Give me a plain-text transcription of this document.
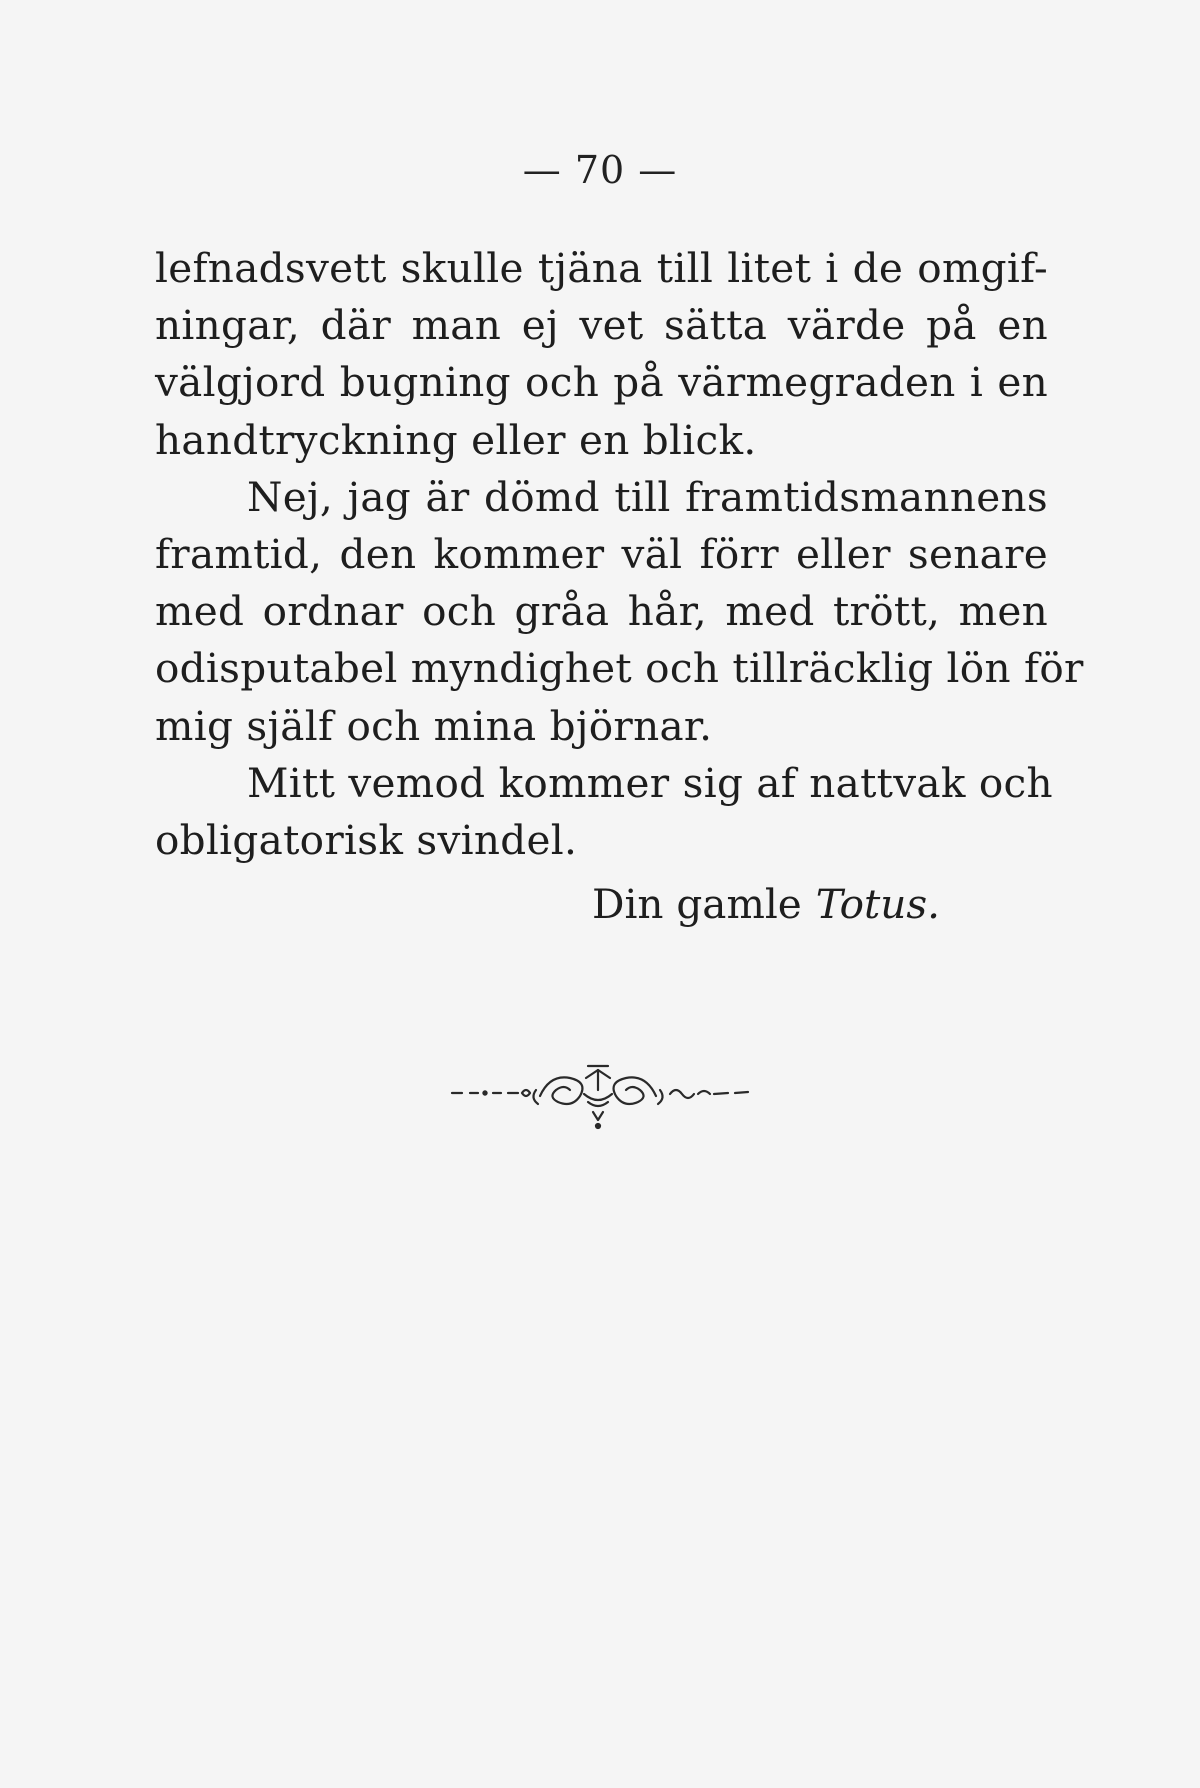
— 70 —
lefnadsvett skulle tjäna till litet i de omgif-
ningar, där man ej vet sätta värde på en
välgjord bugning och på värmegraden i en
handtryckning eller en blick.
Nej, jag är dömd till framtidsmannens
framtid, den kommer väl förr eller senare
med ordnar och gråa hår, med trött, men
odisputabel myndighet och tillräcklig lön för
mig själf och mina björnar.
Mitt vemod kommer sig af nattvak och
obligatorisk svindel.
Din gamle Totus.
